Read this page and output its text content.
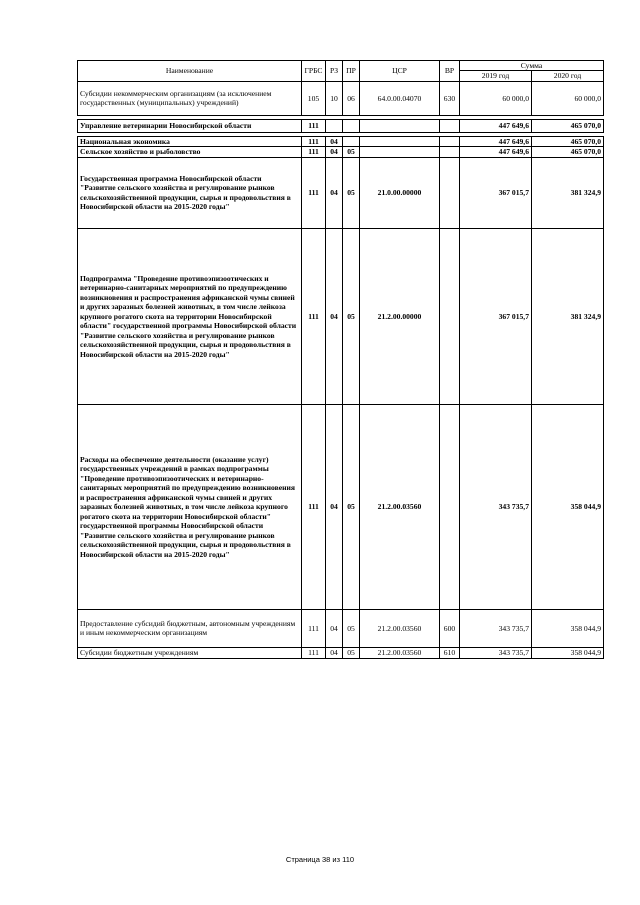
Наименование	ГРБС	РЗ	ПР	ЦСР	ВР	Сумма	
						2019 год	2020 год
Субсидии некоммерческим организациям (за исключением государственных (муниципальных) учреждений)	105	10	06	64.0.00.04070	630	60 000,0	60 000,0

Управление ветеринарии Новосибирской области	111					447 649,6	465 070,0

Национальная экономика	111	04				447 649,6	465 070,0
Сельское хозяйство и рыболовство	111	04	05			447 649,6	465 070,0
Государственная программа Новосибирской области "Развитие сельского хозяйства и регулирование рынков сельскохозяйственной продукции, сырья и продовольствия в Новосибирской области на 2015-2020 годы"	111	04	05	21.0.00.00000		367 015,7	381 324,9
Подпрограмма "Проведение противоэпизоотических и ветеринарно-санитарных мероприятий по предупреждению возникновения и распространения африканской чумы свиней и других заразных болезней животных, в том числе лейкоза крупного рогатого скота на территории Новосибирской области" государственной программы Новосибирской области "Развитие сельского хозяйства и регулирование рынков сельскохозяйственной продукции, сырья и продовольствия в Новосибирской области на 2015-2020 годы"	111	04	05	21.2.00.00000		367 015,7	381 324,9
Расходы на обеспечение деятельности (оказание услуг) государственных учреждений в рамках подпрограммы "Проведение противоэпизоотических и ветеринарно-санитарных мероприятий по предупреждению возникновения и распространения африканской чумы свиней и других заразных болезней животных, в том числе лейкоза крупного рогатого скота на территории Новосибирской области" государственной программы Новосибирской области "Развитие сельского хозяйства и регулирование рынков сельскохозяйственной продукции, сырья и продовольствия в Новосибирской области на 2015-2020 годы"	111	04	05	21.2.00.03560		343 735,7	358 044,9
Предоставление субсидий бюджетным, автономным учреждениям и иным некоммерческим организациям	111	04	05	21.2.00.03560	600	343 735,7	358 044,9
Субсидии бюджетным учреждениям	111	04	05	21.2.00.03560	610	343 735,7	358 044,9
Страница 38 из 110
